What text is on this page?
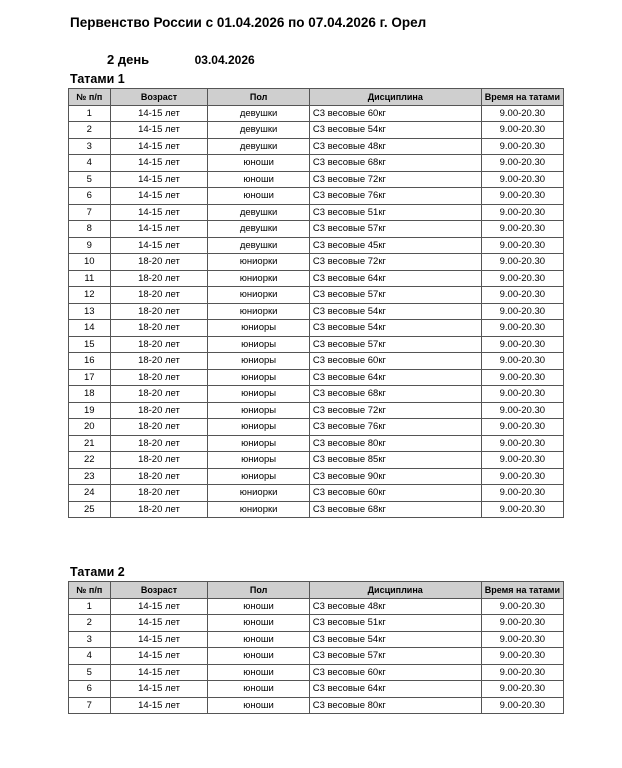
Первенство России с 01.04.2026 по 07.04.2026 г. Орел
2 день	03.04.2026
Татами 1
№ п/п	Возраст	Пол	Дисциплина	Время на татами
1	14-15 лет	девушки	С3 весовые 60кг	9.00-20.30
2	14-15 лет	девушки	С3 весовые 54кг	9.00-20.30
3	14-15 лет	девушки	С3 весовые 48кг	9.00-20.30
4	14-15 лет	юноши	С3 весовые 68кг	9.00-20.30
5	14-15 лет	юноши	С3 весовые 72кг	9.00-20.30
6	14-15 лет	юноши	С3 весовые 76кг	9.00-20.30
7	14-15 лет	девушки	С3 весовые 51кг	9.00-20.30
8	14-15 лет	девушки	С3 весовые 57кг	9.00-20.30
9	14-15 лет	девушки	С3 весовые 45кг	9.00-20.30
10	18-20 лет	юниорки	С3 весовые 72кг	9.00-20.30
11	18-20 лет	юниорки	С3 весовые 64кг	9.00-20.30
12	18-20 лет	юниорки	С3 весовые 57кг	9.00-20.30
13	18-20 лет	юниорки	С3 весовые 54кг	9.00-20.30
14	18-20 лет	юниоры	С3 весовые 54кг	9.00-20.30
15	18-20 лет	юниоры	С3 весовые 57кг	9.00-20.30
16	18-20 лет	юниоры	С3 весовые 60кг	9.00-20.30
17	18-20 лет	юниоры	С3 весовые 64кг	9.00-20.30
18	18-20 лет	юниоры	С3 весовые 68кг	9.00-20.30
19	18-20 лет	юниоры	С3 весовые 72кг	9.00-20.30
20	18-20 лет	юниоры	С3 весовые 76кг	9.00-20.30
21	18-20 лет	юниоры	С3 весовые 80кг	9.00-20.30
22	18-20 лет	юниоры	С3 весовые 85кг	9.00-20.30
23	18-20 лет	юниоры	С3 весовые 90кг	9.00-20.30
24	18-20 лет	юниорки	С3 весовые 60кг	9.00-20.30
25	18-20 лет	юниорки	С3 весовые 68кг	9.00-20.30
Татами 2
№ п/п	Возраст	Пол	Дисциплина	Время на татами
1	14-15 лет	юноши	С3 весовые 48кг	9.00-20.30
2	14-15 лет	юноши	С3 весовые 51кг	9.00-20.30
3	14-15 лет	юноши	С3 весовые 54кг	9.00-20.30
4	14-15 лет	юноши	С3 весовые 57кг	9.00-20.30
5	14-15 лет	юноши	С3 весовые 60кг	9.00-20.30
6	14-15 лет	юноши	С3 весовые 64кг	9.00-20.30
7	14-15 лет	юноши	С3 весовые 80кг	9.00-20.30
